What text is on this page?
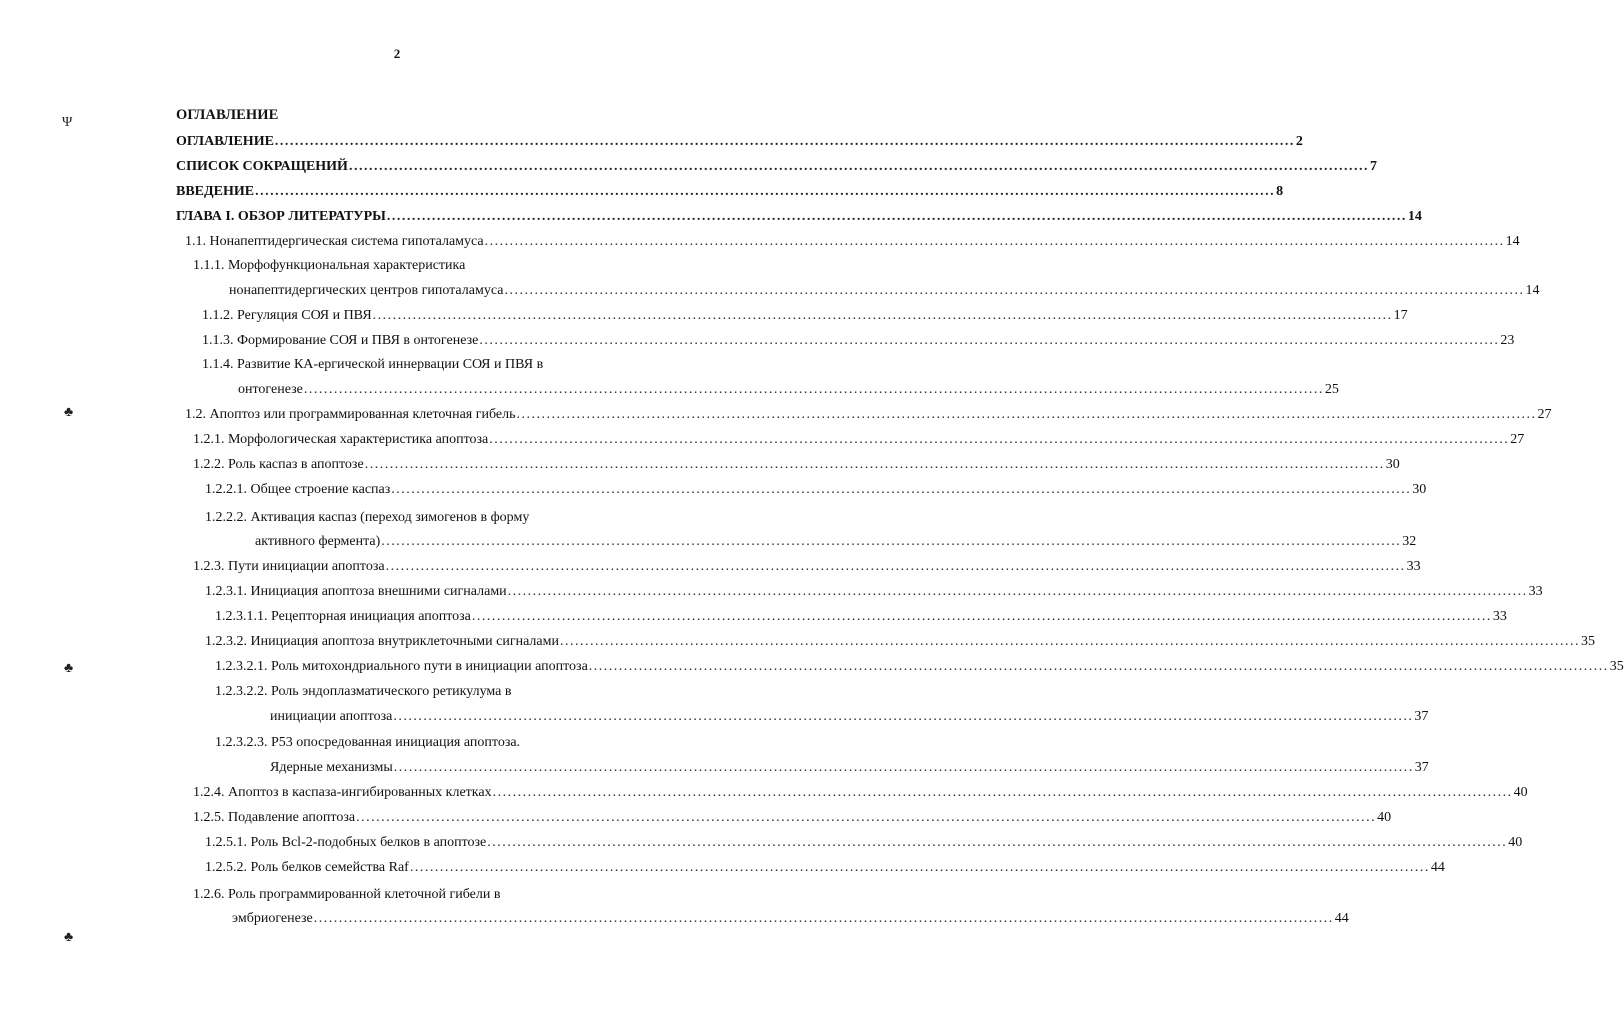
2
Ψ
♣
♣
♣
ОГЛАВЛЕНИЕ
ОГЛАВЛЕНИЕ ............................................................................................................................................................................................................ 2
СПИСОК СОКРАЩЕНИЙ ............................................................................................................................................................................................................ 7
ВВЕДЕНИЕ ............................................................................................................................................................................................................ 8
ГЛАВА I. ОБЗОР ЛИТЕРАТУРЫ ............................................................................................................................................................................................................ 14
1.1. Нонапептидергическая система гипоталамуса ............................................................................................................................................................................................................ 14
1.1.1. Морфофункциональная характеристика
нонапептидергических центров гипоталамуса ............................................................................................................................................................................................................ 14
1.1.2. Регуляция СОЯ и ПВЯ ............................................................................................................................................................................................................ 17
1.1.3. Формирование СОЯ и ПВЯ в онтогенезе ............................................................................................................................................................................................................ 23
1.1.4. Развитие КА-ергической иннервации СОЯ и ПВЯ в
онтогенезе ............................................................................................................................................................................................................ 25
1.2. Апоптоз или программированная клеточная гибель ............................................................................................................................................................................................................ 27
1.2.1. Морфологическая характеристика апоптоза ............................................................................................................................................................................................................ 27
1.2.2. Роль каспаз в апоптозе ............................................................................................................................................................................................................ 30
1.2.2.1. Общее строение каспаз ............................................................................................................................................................................................................ 30
1.2.2.2. Активация каспаз (переход зимогенов в форму
активного фермента) ............................................................................................................................................................................................................ 32
1.2.3. Пути инициации апоптоза ............................................................................................................................................................................................................ 33
1.2.3.1. Инициация апоптоза внешними сигналами ............................................................................................................................................................................................................ 33
1.2.3.1.1. Рецепторная инициация апоптоза ............................................................................................................................................................................................................ 33
1.2.3.2. Инициация апоптоза внутриклеточными сигналами ............................................................................................................................................................................................................ 35
1.2.3.2.1. Роль митохондриального пути в инициации апоптоза ............................................................................................................................................................................................................ 35
1.2.3.2.2. Роль эндоплазматического ретикулума в
инициации апоптоза ............................................................................................................................................................................................................ 37
1.2.3.2.3. P53 опосредованная инициация апоптоза.
Ядерные механизмы ............................................................................................................................................................................................................ 37
1.2.4. Апоптоз в каспаза-ингибированных клетках ............................................................................................................................................................................................................ 40
1.2.5. Подавление апоптоза ............................................................................................................................................................................................................ 40
1.2.5.1. Роль Bcl-2-подобных белков в апоптозе ............................................................................................................................................................................................................ 40
1.2.5.2. Роль белков семейства Raf ............................................................................................................................................................................................................ 44
1.2.6. Роль программированной клеточной гибели в
эмбриогенезе ............................................................................................................................................................................................................ 44
